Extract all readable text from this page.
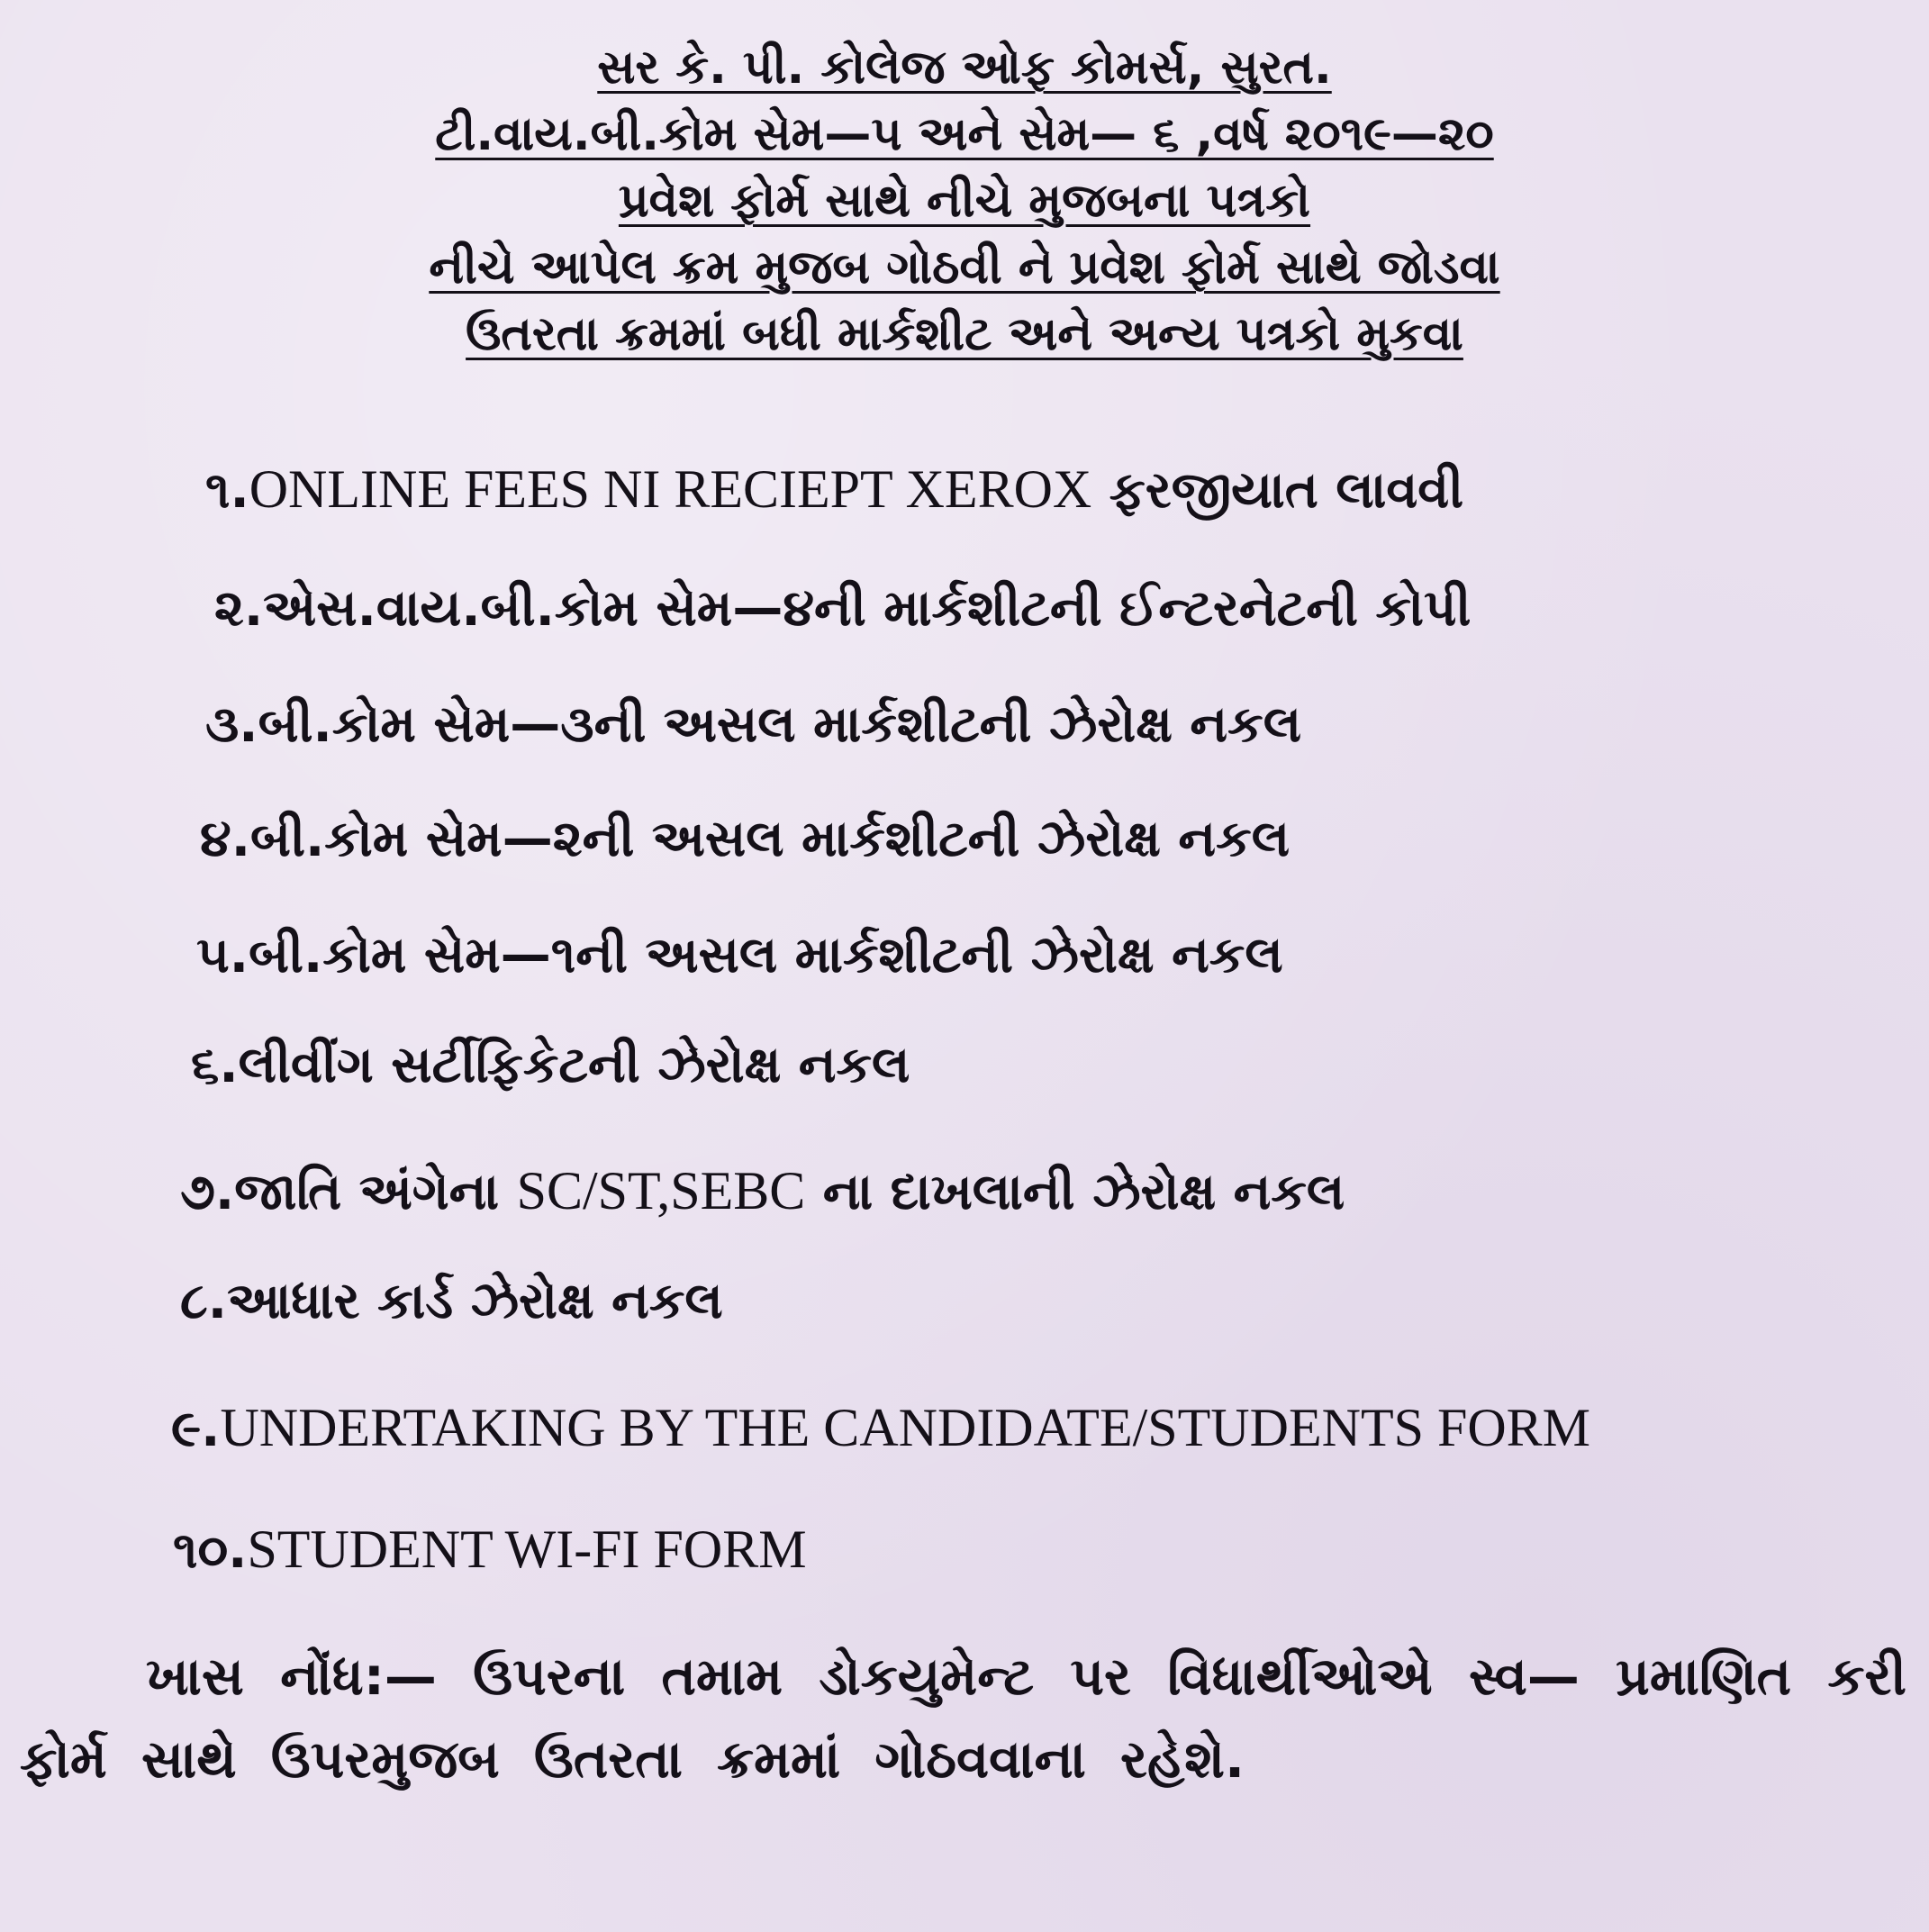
સર કે. પી. કોલેજ ઓફ કોમર્સ, સુરત.
ટી.વાય.બી.કોમ સેમ—૫ અને સેમ— ૬ ,વર્ષ ૨૦૧૯—૨૦
પ્રવેશ ફોર્મ સાથે નીચે મુજબના પત્રકો
નીચે આપેલ ક્રમ મુજબ ગોઠવી ને પ્રવેશ ફોર્મ સાથે જોડવા
ઉતરતા ક્રમમાં બધી માર્કશીટ અને અન્ય પત્રકો મુકવા
૧.ONLINE FEES NI RECIEPT XEROX ફરજીયાત લાવવી
૨.એસ.વાય.બી.કોમ સેમ—૪ની માર્કશીટની ઈન્ટરનેટની કોપી
૩.બી.કોમ સેમ—૩ની અસલ માર્કશીટની ઝેરોક્ષ નકલ
૪.બી.કોમ સેમ—૨ની અસલ માર્કશીટની ઝેરોક્ષ નકલ
૫.બી.કોમ સેમ—૧ની અસલ માર્કશીટની ઝેરોક્ષ નકલ
૬.લીવીંગ સર્ટીફિકેટની ઝેરોક્ષ નકલ
૭.જાતિ અંગેના SC/ST,SEBC ના દાખલાની ઝેરોક્ષ નકલ
૮.આધાર કાર્ડ ઝેરોક્ષ નકલ
૯.UNDERTAKING BY THE CANDIDATE/STUDENTS FORM
૧૦.STUDENT WI-FI FORM
ખાસ નોંધ:— ઉપરના તમામ ડોકયુમેન્ટ પર વિધાર્થીઓએ સ્વ— પ્રમાણિત કરી ફોર્મ સાથે ઉપરમુજબ ઉતરતા ક્રમમાં ગોઠવવાના રહેશે.
